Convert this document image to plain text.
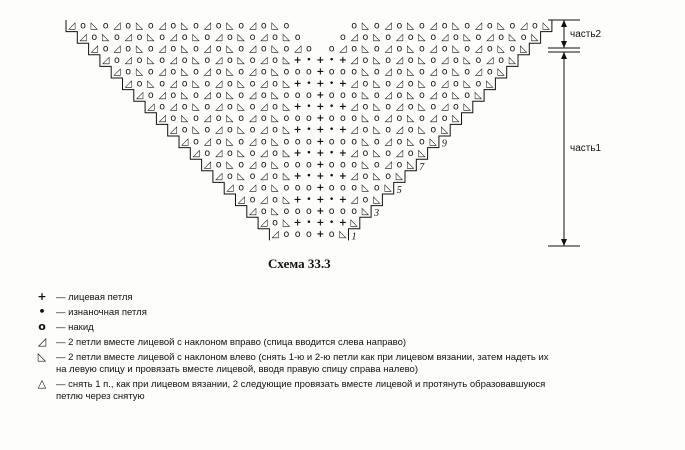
часть2
часть1
◿ o ◺ o ◿ o ◺ o ◿ o ◺ o ◿ o ◺ o ◿ o ◺ o	o ◺ o ◿ o ◺ o ◿ o ◺ o ◿ o ◺ o ◿ o ◺
◿ o ◺ o ◿ o ◺ o ◿ o ◺ o ◿ o ◺ o ◿ o ◺ o	o ◿ o ◺ o ◿ o ◺ o ◿ o ◺ o ◿ o ◺ o ◺
◿ o ◿ o ◺ o ◿ o ◺ o ◿ o ◺ o ◿ o ◺ o ◿ o o ◿ o ◺ o ◿ o ◺ o ◿ o ◺ o ◿ o ◺ o ◺
◿ o ◿ o ◺ o ◿ o ◺ o ◿ o ◺ o ◿ o ◺ + • + • + ◿ o ◺ o ◿ o ◺ o ◿ o ◺ o ◿ o ◺
◿ o ◺ o ◿ o ◺ o ◿ o ◺ o ◿ o ◺ o o o + o o o ◺ o ◿ o ◺ o ◿ o ◺ o ◿ o ◺
◿ o ◺ o ◿ o ◺ o ◿ o ◺ o ◿ o ◺ + • + • + ◿ o ◺ o ◿ o ◺ o ◿ o ◺ o ◺
◿ o ◿ o ◺ o ◿ o ◺ o ◿ o ◺ o o o + o o o ◺ o ◿ o ◺ o ◿ o ◺ o ◺
◿ o ◿ o ◺ o ◿ o ◺ o ◿ o ◺ + • + • + ◿ o ◺ o ◿ o ◺ o ◿ o ◺
◿ o ◺ o ◿ o ◺ o ◿ o ◺ o o o + o o o ◺ o ◿ o ◺ o ◿ o ◺
◿ o ◺ o ◿ o ◺ o ◿ o ◺ + • + • + ◿ o ◺ o ◿ o ◺ o ◺
◿ o ◿ o ◺ o ◿ o ◺ o o o + o o o ◺ o ◿ o ◺ o ◺
◿ o ◿ o ◺ o ◿ o ◺ + • + • + ◿ o ◺ o ◿ o ◺
◿ o ◺ o ◿ o ◺ o o o + o o o ◺ o ◿ o ◺
◿ o ◺ o ◿ o ◺ + • + • + ◿ o ◺ o ◺
◿ o ◿ o ◺ o o o + o o o ◺ o ◺
◿ o ◿ o ◺ + • + • + ◿ o ◺
◿ o ◺ o o o + o o o ◺
◿ o ◺ + • + • + ◺
◿ o o o + o ◺ 1
3
5
7
9
Схема 33.3
+ — лицевая петля
•	— изнаночная петля
o	— накид
◿	— 2 петли вместе лицевой с наклоном вправо (спица вводится слева направо)
◺	— 2 петли вместе лицевой с наклоном влево (снять 1-ю и 2-ю петли как при лицевом вязании, затем надеть их
на левую спицу и провязать вместе лицевой, вводя правую спицу справа налево)
△	— снять 1 п., как при лицевом вязании, 2 следующие провязать вместе лицевой и протянуть образовавшуюся
петлю через снятую
